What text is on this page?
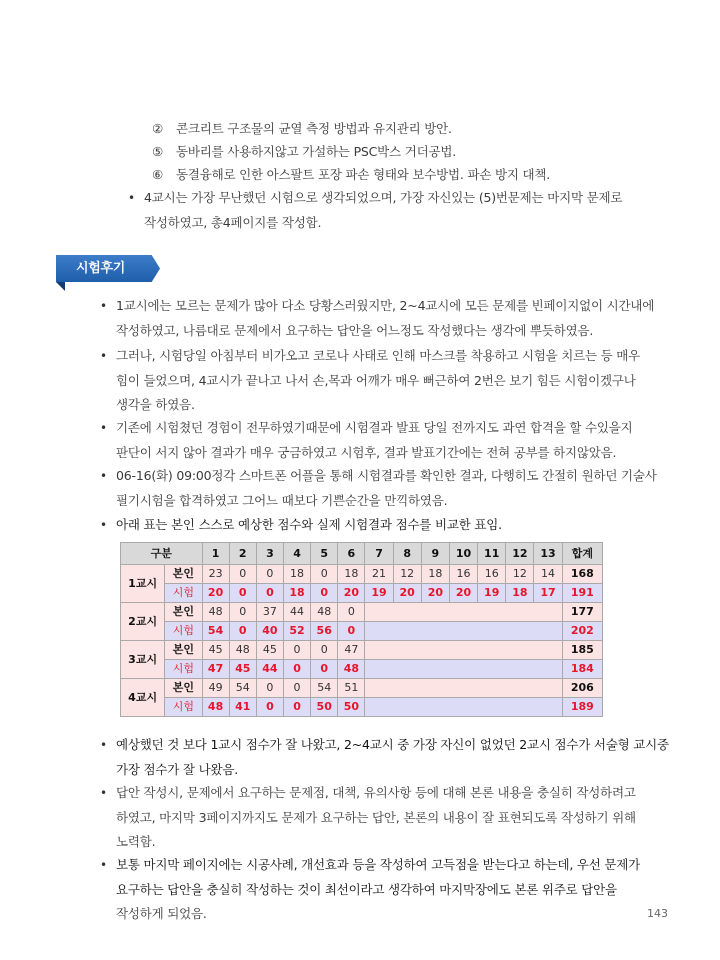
② 콘크리트 구조물의 균열 측정 방법과 유지관리 방안.
⑤ 동바리를 사용하지않고 가설하는 PSC박스 거더공법.
⑥ 동결융해로 인한 아스팔트 포장 파손 형태와 보수방법. 파손 방지 대책.
• 4교시는 가장 무난했던 시험으로 생각되었으며, 가장 자신있는 (5)번문제는 마지막 문제로
작성하였고, 총4페이지를 작성함.
시험후기
• 1교시에는 모르는 문제가 많아 다소 당황스러웠지만, 2~4교시에 모든 문제를 빈페이지없이 시간내에
작성하였고, 나름대로 문제에서 요구하는 답안을 어느정도 작성했다는 생각에 뿌듯하였음.
• 그러나, 시험당일 아침부터 비가오고 코로나 사태로 인해 마스크를 착용하고 시험을 치르는 등 매우
힘이 들었으며, 4교시가 끝나고 나서 손,목과 어깨가 매우 뻐근하여 2번은 보기 힘든 시험이겠구나
생각을 하였음.
• 기존에 시험쳤던 경험이 전무하였기때문에 시험결과 발표 당일 전까지도 과연 합격을 할 수있을지
판단이 서지 않아 결과가 매우 궁금하였고 시험후, 결과 발표기간에는 전혀 공부를 하지않았음.
• 06-16(화) 09:00정각 스마트폰 어플을 통해 시험결과를 확인한 결과, 다행히도 간절히 원하던 기술사
필기시험을 합격하였고 그어느 때보다 기쁜순간을 만끽하였음.
• 아래 표는 본인 스스로 예상한 점수와 실제 시험결과 점수를 비교한 표임.
구분		1	2	3	4	5	6	7	8	9	10	11	12	13	합계
1교시	본인	23	0	0	18	0	18	21	12	18	16	16	12	14	168
	시험	20	0	0	18	0	20	19	20	20	20	19	18	17	191
2교시	본인	48	0	37	44	48	0								177
	시험	54	0	40	52	56	0								202
3교시	본인	45	48	45	0	0	47								185
	시험	47	45	44	0	0	48								184
4교시	본인	49	54	0	0	54	51								206
	시험	48	41	0	0	50	50								189
• 예상했던 것 보다 1교시 점수가 잘 나왔고, 2~4교시 중 가장 자신이 없었던 2교시 점수가 서술형 교시중
가장 점수가 잘 나왔음.
• 답안 작성시, 문제에서 요구하는 문제점, 대책, 유의사항 등에 대해 본론 내용을 충실히 작성하려고
하였고, 마지막 3페이지까지도 문제가 요구하는 답안, 본론의 내용이 잘 표현되도록 작성하기 위해
노력함.
• 보통 마지막 페이지에는 시공사례, 개선효과 등을 작성하여 고득점을 받는다고 하는데, 우선 문제가
요구하는 답안을 충실히 작성하는 것이 최선이라고 생각하여 마지막장에도 본론 위주로 답안을
작성하게 되었음.	143
